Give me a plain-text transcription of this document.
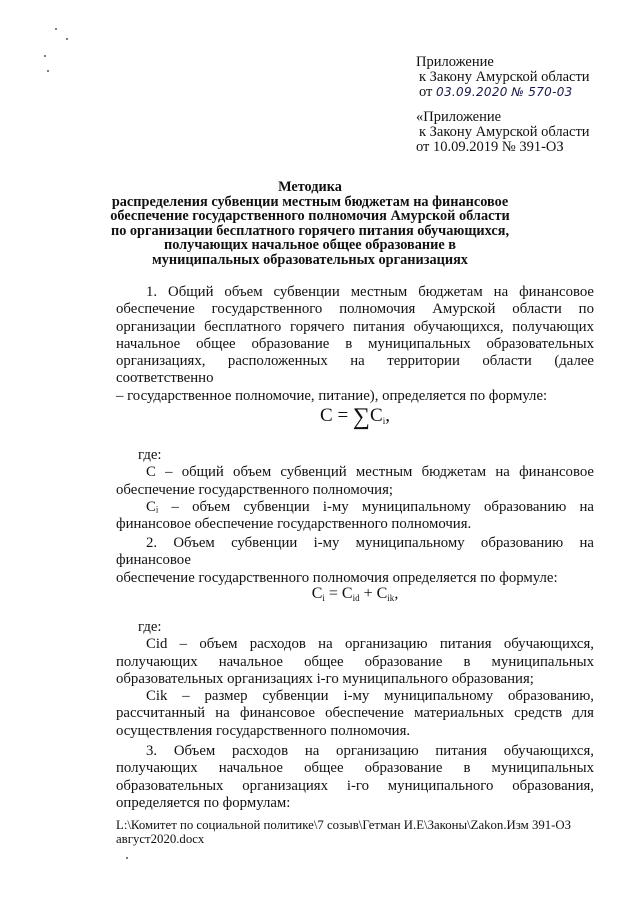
Приложение
к Закону Амурской области
от 03.09.2020 № 570-03
«Приложение
к Закону Амурской области
от 10.09.2019 № 391-ОЗ
Методика
распределения субвенции местным бюджетам на финансовое обеспечение государственного полномочия Амурской области по организации бесплатного горячего питания обучающихся, получающих начальное общее образование в муниципальных образовательных организациях
1. Общий объем субвенции местным бюджетам на финансовое
обеспечение государственного полномочия Амурской области по
организации бесплатного горячего питания обучающихся, получающих
начальное общее образование в муниципальных образовательных
организациях, расположенных на территории области (далее соответственно
– государственное полномочие, питание), определяется по формуле:
$C = \sum C_i$,
где:
C – общий объем субвенций местным бюджетам на финансовое
обеспечение государственного полномочия;
Cᵢ – объем субвенции i-му муниципальному образованию на
финансовое обеспечение государственного полномочия.
2. Объем субвенции i-му муниципальному образованию на финансовое
обеспечение государственного полномочия определяется по формуле:
$C_i = C_{id} + C_{ik}$,
где:
Cid – объем расходов на организацию питания обучающихся,
получающих начальное общее образование в муниципальных
образовательных организациях i-го муниципального образования;
Cik – размер субвенции i-му муниципальному образованию,
рассчитанный на финансовое обеспечение материальных средств для
осуществления государственного полномочия.
3. Объем расходов на организацию питания обучающихся,
получающих начальное общее образование в муниципальных
образовательных организациях i-го муниципального образования,
определяется по формулам:
L:\Комитет по социальной политике\7 созыв\Гетман И.Е\Законы\Zakon.Изм 391-ОЗ
август2020.docx
